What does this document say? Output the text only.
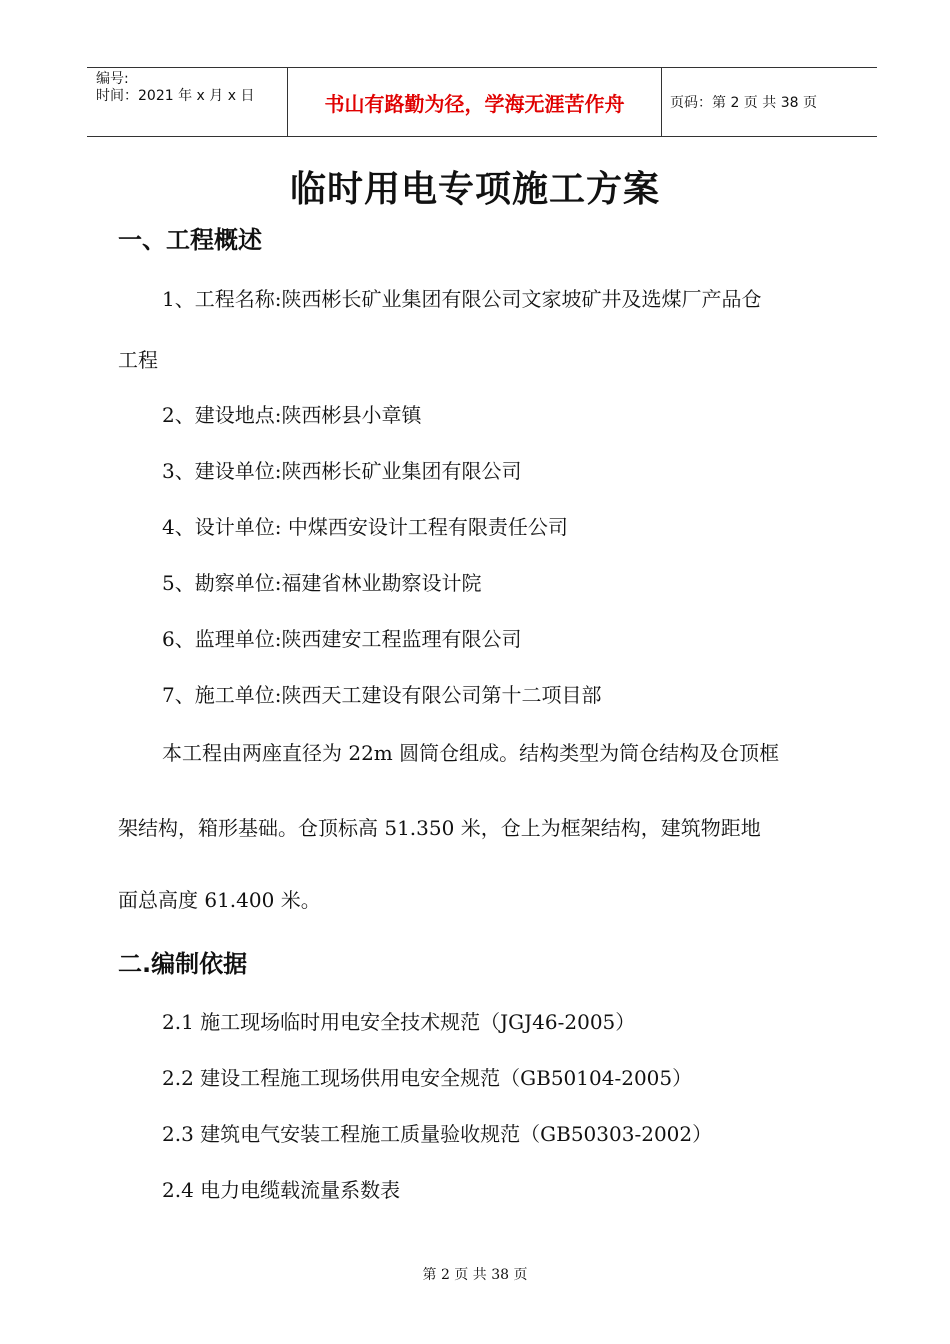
编号:
时间：2021 年 x 月 x 日	书山有路勤为径，学海无涯苦作舟	页码：第 2 页 共 38 页
临时用电专项施工方案
一、工程概述
1、工程名称:陕西彬长矿业集团有限公司文家坡矿井及选煤厂产品仓
工程
2、建设地点:陕西彬县小章镇
3、建设单位:陕西彬长矿业集团有限公司
4、设计单位: 中煤西安设计工程有限责任公司
5、勘察单位:福建省林业勘察设计院
6、监理单位:陕西建安工程监理有限公司
7、施工单位:陕西天工建设有限公司第十二项目部
本工程由两座直径为 22m 圆筒仓组成。结构类型为筒仓结构及仓顶框
架结构，箱形基础。仓顶标高 51.350 米，仓上为框架结构，建筑物距地
面总高度 61.400 米。
二.编制依据
2.1 施工现场临时用电安全技术规范（JGJ46-2005）
2.2 建设工程施工现场供用电安全规范（GB50104-2005）
2.3 建筑电气安装工程施工质量验收规范（GB50303-2002）
2.4 电力电缆载流量系数表
第 2 页 共 38 页
